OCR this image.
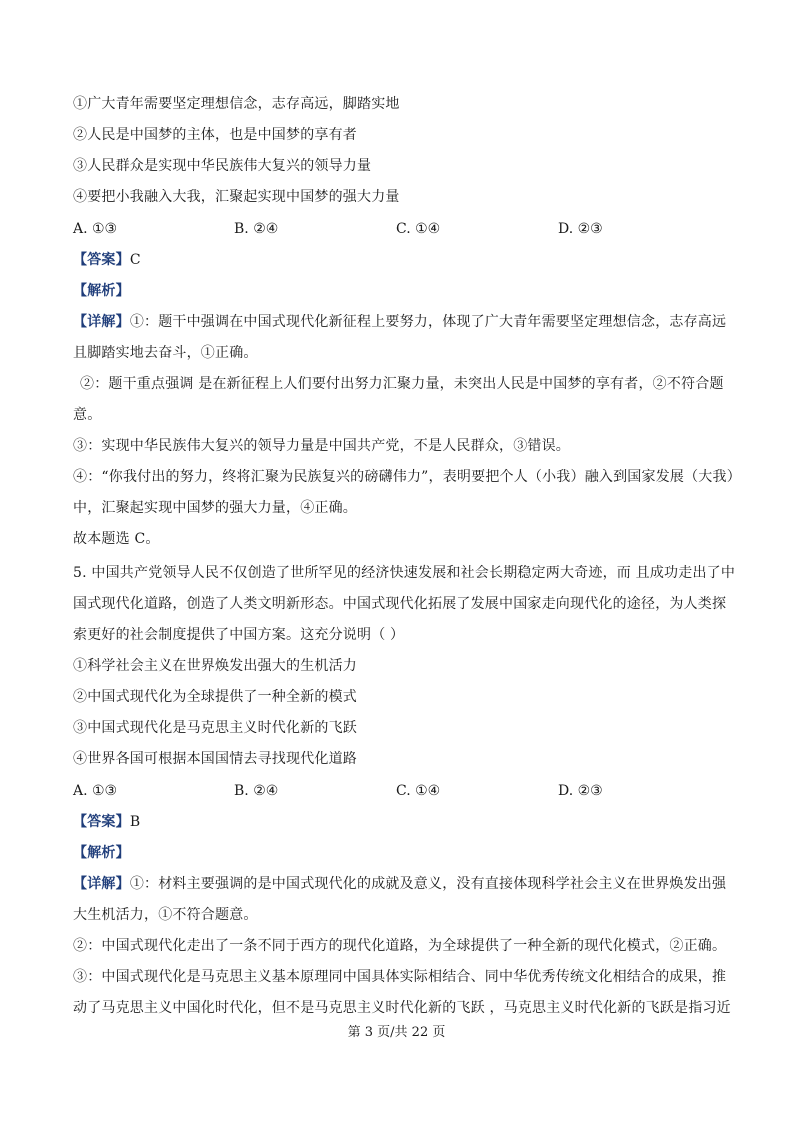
①广大青年需要坚定理想信念，志存高远，脚踏实地
②人民是中国梦的主体，也是中国梦的享有者
③人民群众是实现中华民族伟大复兴的领导力量
④要把小我融入大我，汇聚起实现中国梦的强大力量
A. ①③	B. ②④	C. ①④	D. ②③
【答案】C
【解析】
【详解】①：题干中强调在中国式现代化新征程上要努力，体现了广大青年需要坚定理想信念，志存高远
且脚踏实地去奋斗，①正确。
②：题干重点强调 是在新征程上人们要付出努力汇聚力量，未突出人民是中国梦的享有者，②不符合题
意。
③：实现中华民族伟大复兴的领导力量是中国共产党，不是人民群众，③错误。
④：“你我付出的努力，终将汇聚为民族复兴的磅礴伟力”，表明要把个人（小我）融入到国家发展（大我）
中，汇聚起实现中国梦的强大力量，④正确。
故本题选 C。
5. 中国共产党领导人民不仅创造了世所罕见的经济快速发展和社会长期稳定两大奇迹，而 且成功走出了中
国式现代化道路，创造了人类文明新形态。中国式现代化拓展了发展中国家走向现代化的途径，为人类探
索更好的社会制度提供了中国方案。这充分说明（ ）
①科学社会主义在世界焕发出强大的生机活力
②中国式现代化为全球提供了一种全新的模式
③中国式现代化是马克思主义时代化新的飞跃
④世界各国可根据本国国情去寻找现代化道路
A. ①③	B. ②④	C. ①④	D. ②③
【答案】B
【解析】
【详解】①：材料主要强调的是中国式现代化的成就及意义，没有直接体现科学社会主义在世界焕发出强
大生机活力，①不符合题意。
②：中国式现代化走出了一条不同于西方的现代化道路，为全球提供了一种全新的现代化模式，②正确。
③：中国式现代化是马克思主义基本原理同中国具体实际相结合、同中华优秀传统文化相结合的成果，推
动了马克思主义中国化时代化，但不是马克思主义时代化新的飞跃 ，马克思主义时代化新的飞跃是指习近
第 3 页/共 22 页
